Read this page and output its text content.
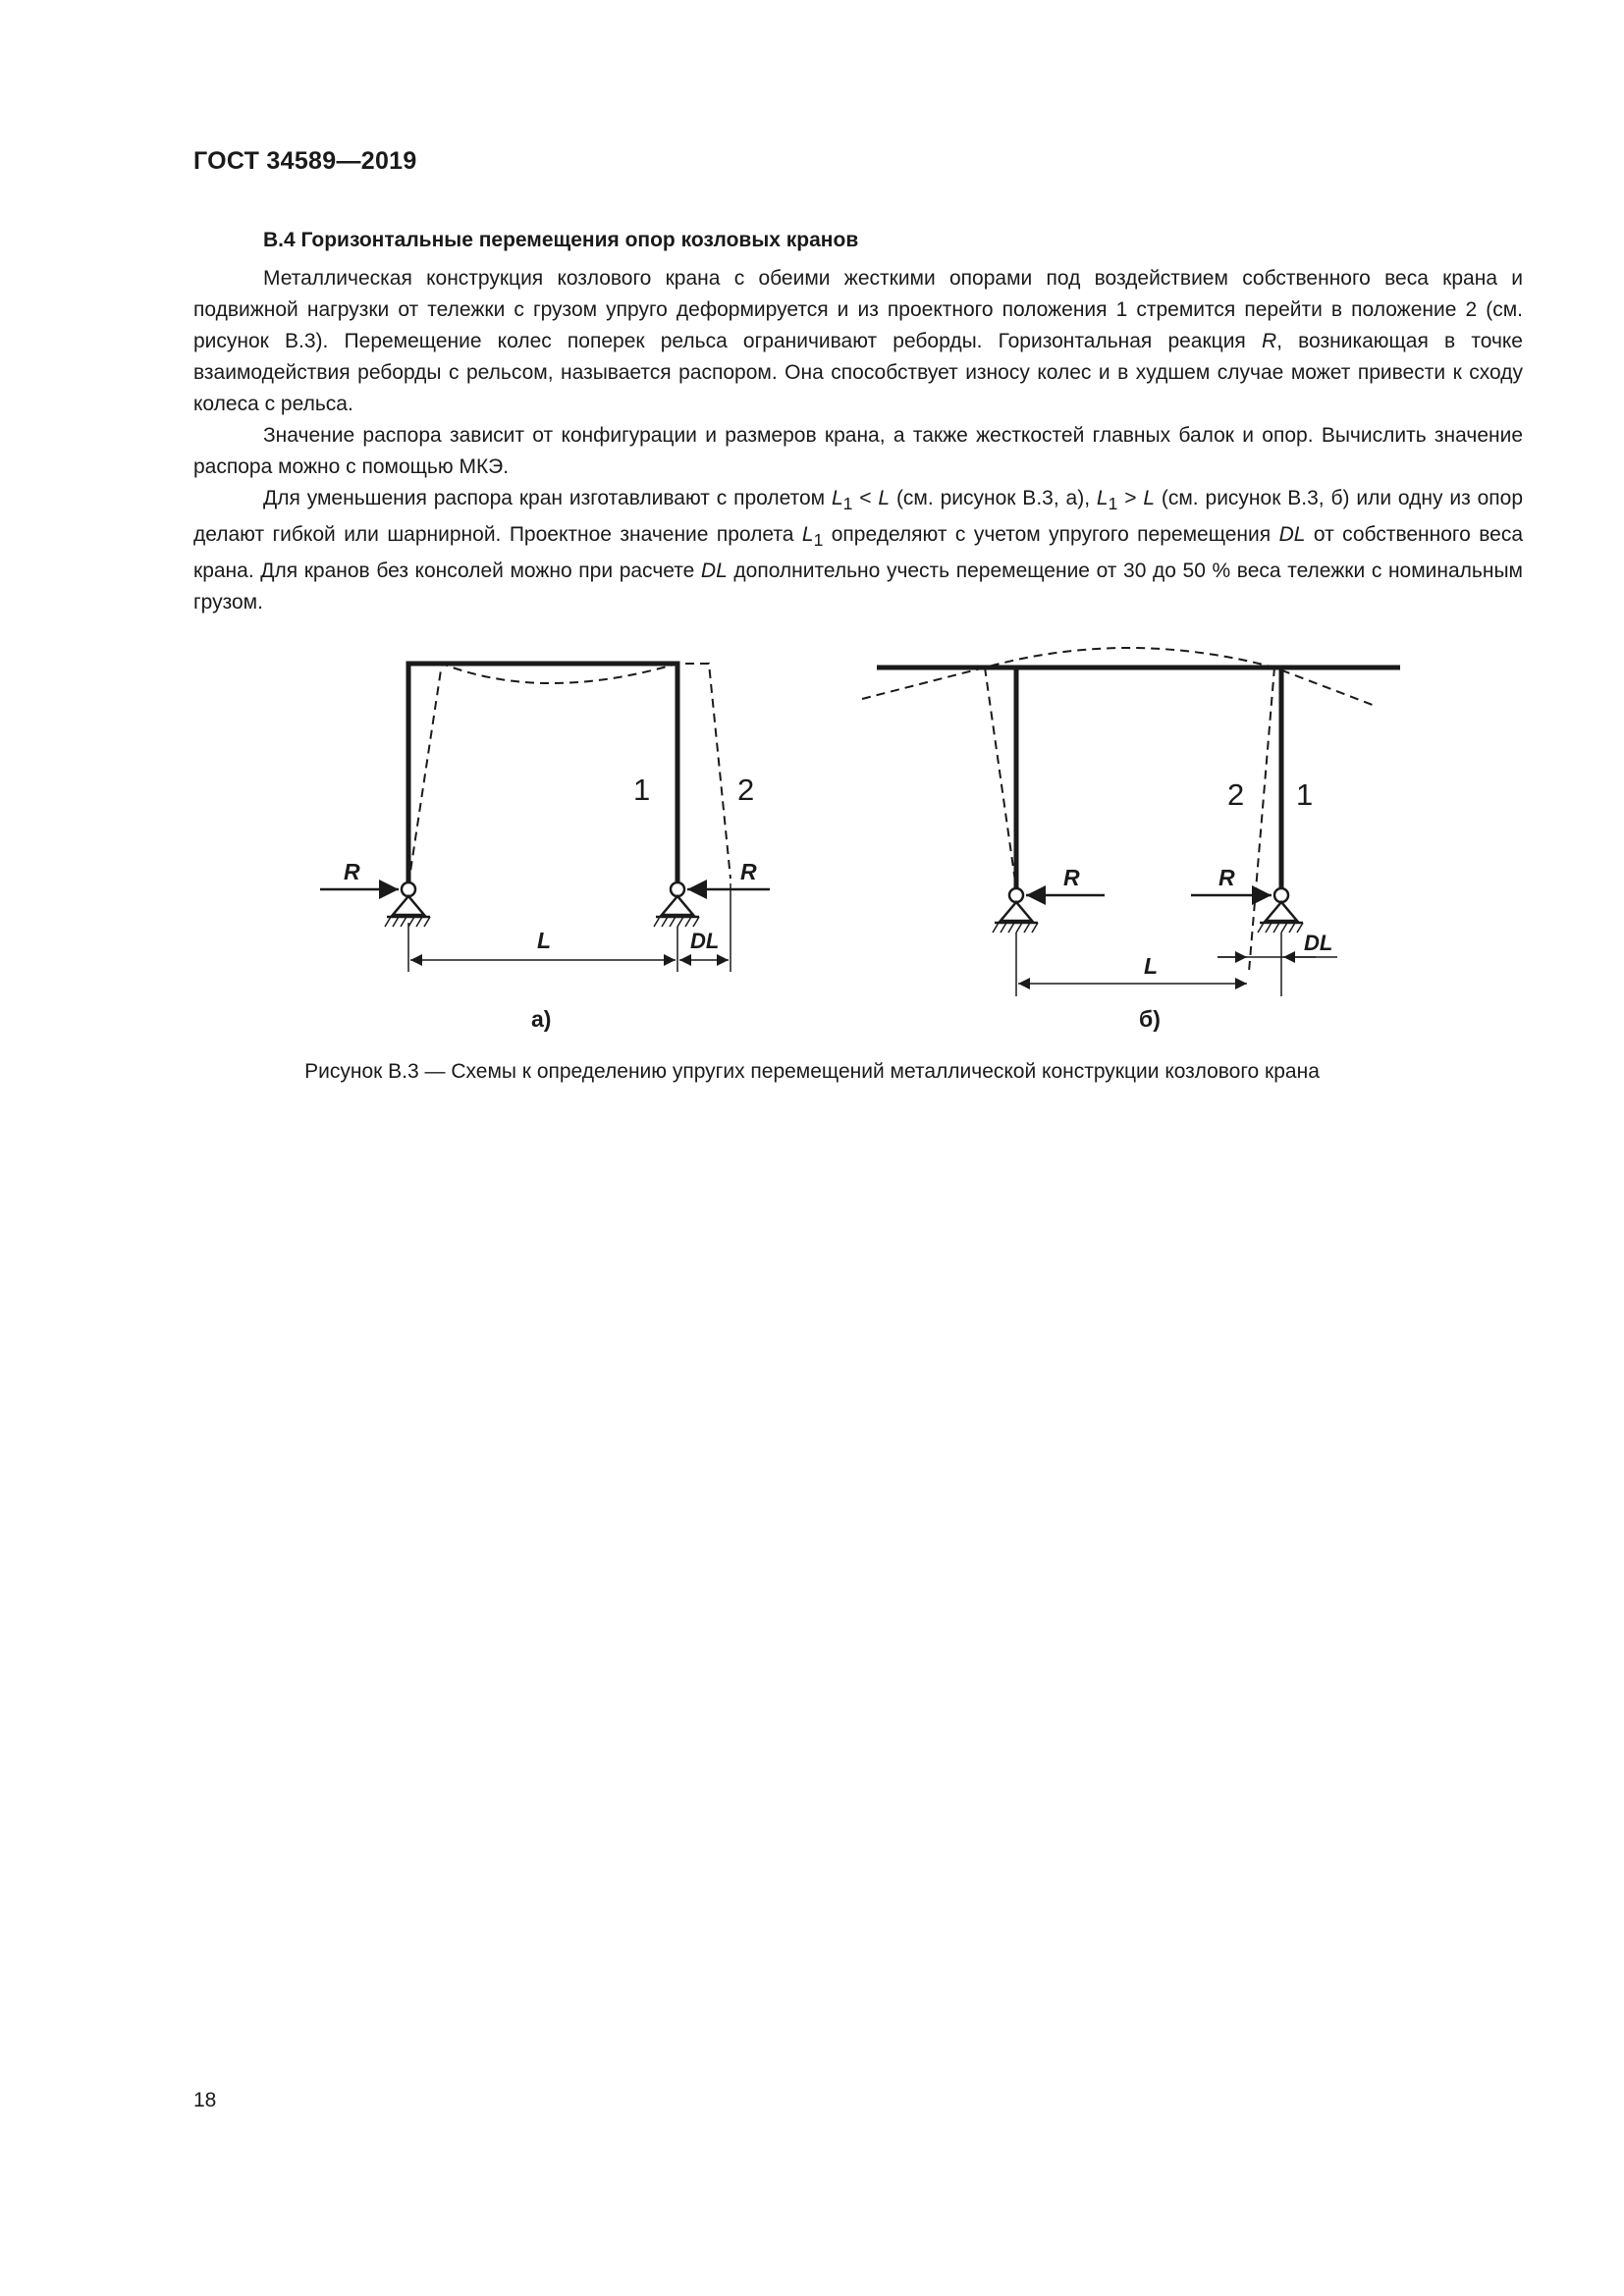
ГОСТ 34589—2019
В.4 Горизонтальные перемещения опор козловых кранов

Металлическая конструкция козлового крана с обеими жесткими опорами под воздействием собственного веса крана и подвижной нагрузки от тележки с грузом упруго деформируется и из проектного положения 1 стремится перейти в положение 2 (см. рисунок В.3). Перемещение колес поперек рельса ограничивают реборды. Горизонтальная реакция R, возникающая в точке взаимодействия реборды с рельсом, называется распором. Она способствует износу колес и в худшем случае может привести к сходу колеса с рельса.

Значение распора зависит от конфигурации и размеров крана, а также жесткостей главных балок и опор. Вычислить значение распора можно с помощью МКЭ.

Для уменьшения распора кран изготавливают с пролетом $L_1 < L$ (см. рисунок В.3, а), $L_1 > L$ (см. рисунок В.3, б) или одну из опор делают гибкой или шарнирной. Проектное значение пролета $L_1$ определяют с учетом упругого перемещения DL от собственного веса крана. Для кранов без консолей можно при расчете DL дополнительно учесть перемещение от 30 до 50 % веса тележки с номинальным грузом.

1	2
R	R
L	DL
а)
2 1
R	R
L
DL
б)
Рисунок В.3 — Схемы к определению упругих перемещений металлической конструкции козлового крана
18
